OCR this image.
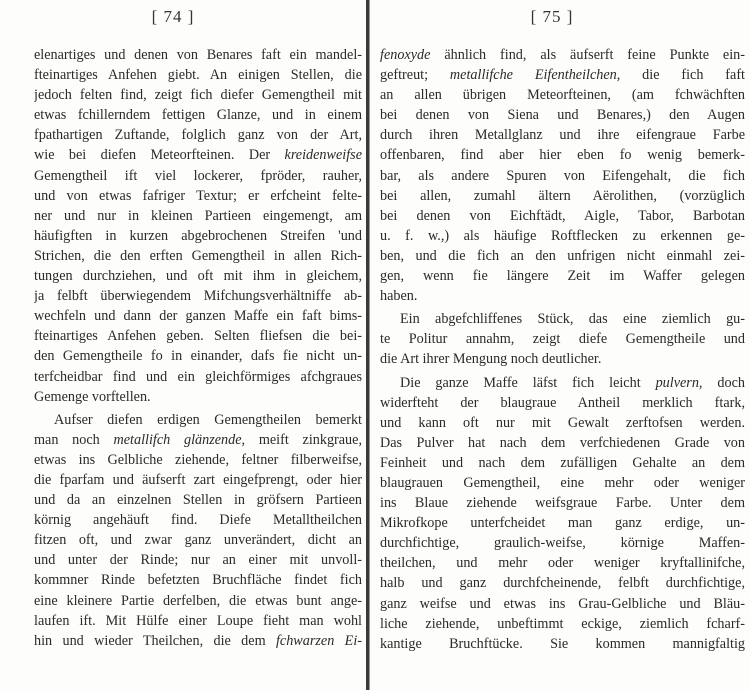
[ 74 ]
elenartiges und denen von Benares faft ein mandel-
fteinartiges Anfehen giebt. An einigen Stellen, die
jedoch felten find, zeigt fich diefer Gemengtheil mit
etwas fchillerndem fettigen Glanze, und in einem
fpathartigen Zuftande, folglich ganz von der Art,
wie bei diefen Meteorfteinen. Der kreidenweifse
Gemengtheil ift viel lockerer, fpröder, rauher,
und von etwas fafriger Textur; er erfcheint felte-
ner und nur in kleinen Partieen eingemengt, am
häufigften in kurzen abgebrochenen Streifen 'und
Strichen, die den erften Gemengtheil in allen Rich-
tungen durchziehen, und oft mit ihm in gleichem,
ja felbft überwiegendem Mifchungsverhältniffe ab-
wechfeln und dann der ganzen Maffe ein faft bims-
fteinartiges Anfehen geben. Selten fliefsen die bei-
den Gemengtheile fo in einander, dafs fie nicht un-
terfcheidbar find und ein gleichförmiges afchgraues
Gemenge vorftellen.
Aufser diefen erdigen Gemengtheilen bemerkt
man noch metallifch glänzende, meift zinkgraue,
etwas ins Gelbliche ziehende, feltner filberweifse,
die fparfam und äufserft zart eingefprengt, oder hier
und da an einzelnen Stellen in gröfsern Partieen
körnig angehäuft find. Diefe Metalltheilchen
fitzen oft, und zwar ganz unverändert, dicht an
und unter der Rinde; nur an einer mit unvoll-
kommner Rinde befetzten Bruchfläche findet fich
eine kleinere Partie derfelben, die etwas bunt ange-
laufen ift. Mit Hülfe einer Loupe fieht man wohl
hin und wieder Theilchen, die dem fchwarzen Ei-
[ 75 ]
fenoxyde ähnlich find, als äufserft feine Punkte ein-
geftreut; metallifche Eifentheilchen, die fich faft
an allen übrigen Meteorfteinen, (am fchwächften
bei denen von Siena und Benares,) den Augen
durch ihren Metallglanz und ihre eifengraue Farbe
offenbaren, find aber hier eben fo wenig bemerk-
bar, als andere Spuren von Eifengehalt, die fich
bei allen, zumahl ältern Aërolithen, (vorzüglich
bei denen von Eichftädt, Aigle, Tabor, Barbotan
u. f. w.,) als häufige Roftflecken zu erkennen ge-
ben, und die fich an den unfrigen nicht einmahl zei-
gen, wenn fie längere Zeit im Waffer gelegen
haben.
Ein abgefchliffenes Stück, das eine ziemlich gu-
te Politur annahm, zeigt diefe Gemengtheile und
die Art ihrer Mengung noch deutlicher.
Die ganze Maffe läfst fich leicht pulvern, doch
widerfteht der blaugraue Antheil merklich ftark,
und kann oft nur mit Gewalt zerftofsen werden.
Das Pulver hat nach dem verfchiedenen Grade von
Feinheit und nach dem zufälligen Gehalte an dem
blaugrauen Gemengtheil, eine mehr oder weniger
ins Blaue ziehende weifsgraue Farbe. Unter dem
Mikrofkope unterfcheidet man ganz erdige, un-
durchfichtige, graulich-weifse, körnige Maffen-
theilchen, und mehr oder weniger kryftallinifche,
halb und ganz durchfcheinende, felbft durchfichtige,
ganz weifse und etwas ins Grau-Gelbliche und Bläu-
liche ziehende, unbeftimmt eckige, ziemlich fcharf-
kantige Bruchftücke. Sie kommen mannigfaltig
